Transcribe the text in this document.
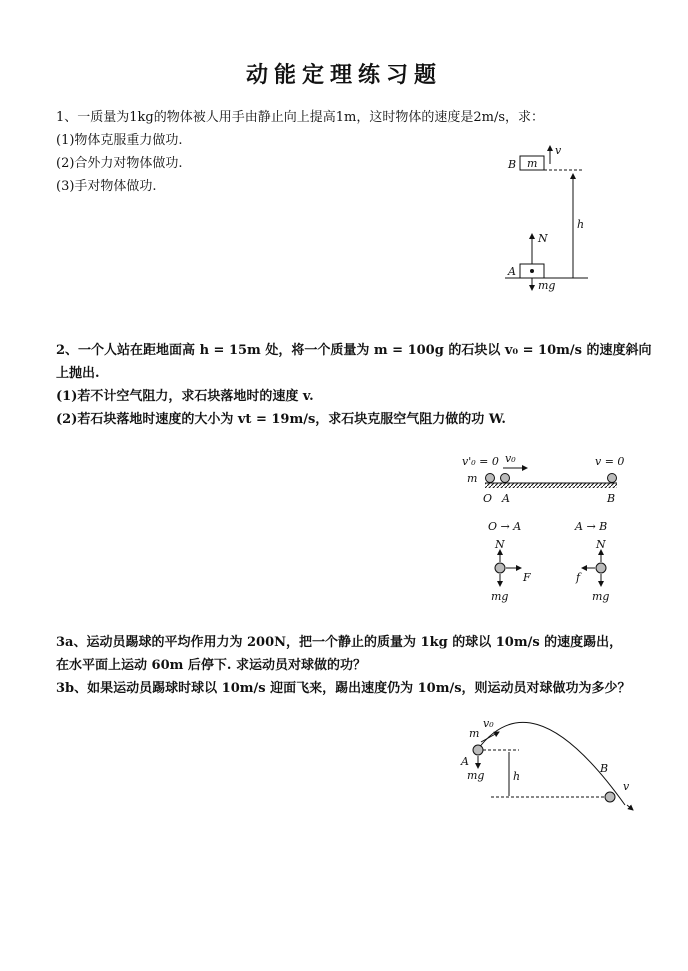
动能定理练习题
1、一质量为1kg的物体被人用手由静止向上提高1m，这时物体的速度是2m/s，求：
(1)物体克服重力做功.
(2)合外力对物体做功.
(3)手对物体做功.
m
B
v
h
A
N
mg
2、一个人站在距地面高 h = 15m 处，将一个质量为 m = 100g 的石块以 v₀ = 10m/s 的速度斜向
上抛出.
(1)若不计空气阻力，求石块落地时的速度 v.
(2)若石块落地时速度的大小为 vt = 19m/s，求石块克服空气阻力做的功 W.
v'₀ = 0 v₀	v = 0
m
O A	B
O → A
N
F
mg
A → B
N
f
mg
3a、运动员踢球的平均作用力为 200N，把一个静止的质量为 1kg 的球以 10m/s 的速度踢出，
在水平面上运动 60m 后停下. 求运动员对球做的功？
3b、如果运动员踢球时球以 10m/s 迎面飞来，踢出速度仍为 10m/s，则运动员对球做功为多少？
m
v₀
v
A
mg	h
B
